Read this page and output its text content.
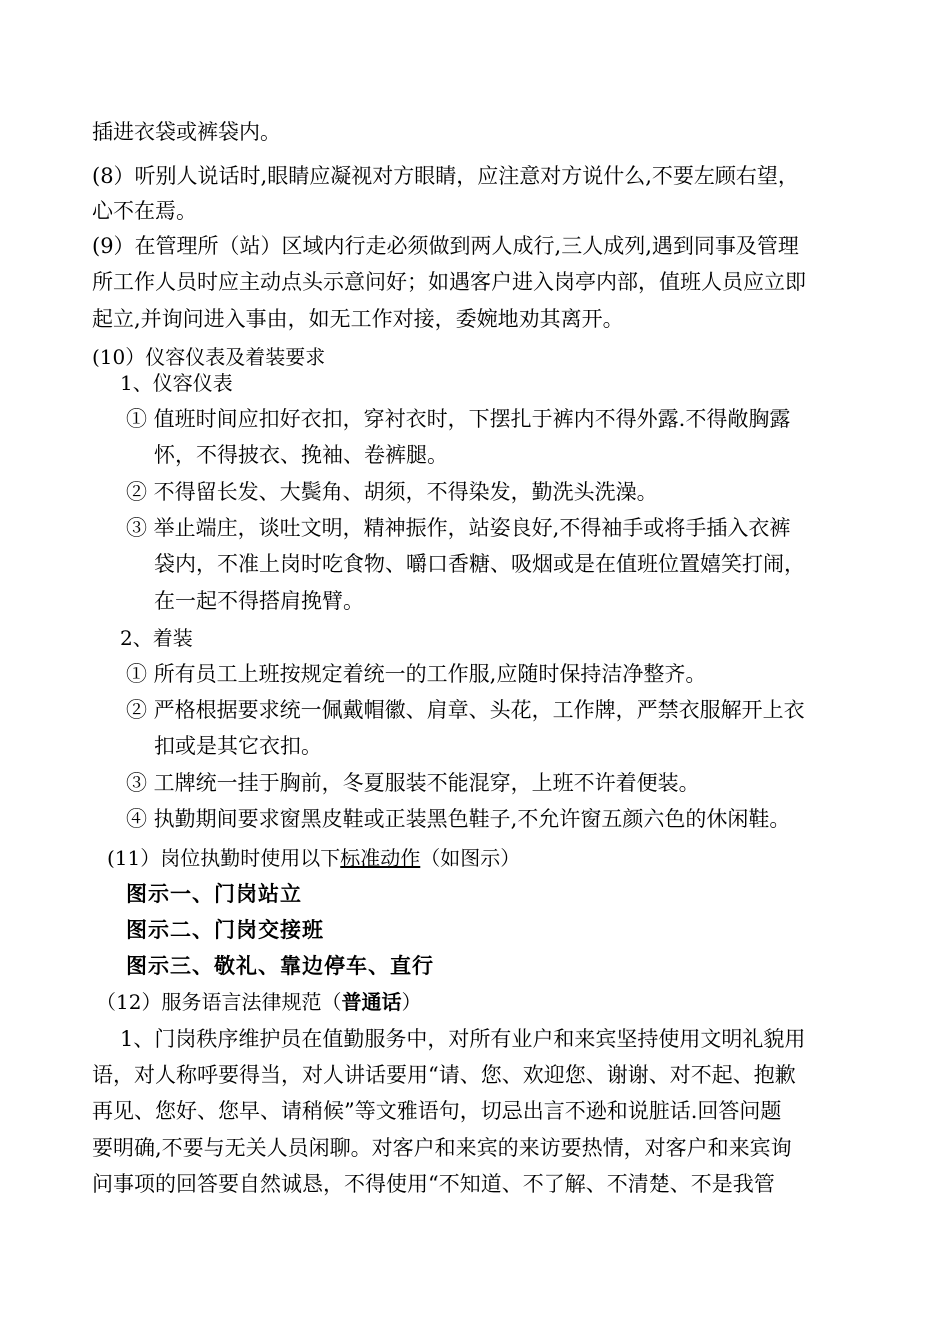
插进衣袋或裤袋内。
(8）听别人说话时,眼睛应凝视对方眼睛，应注意对方说什么,不要左顾右望，
心不在焉。
(9）在管理所（站）区域内行走必须做到两人成行,三人成列,遇到同事及管理
所工作人员时应主动点头示意问好；如遇客户进入岗亭内部，值班人员应立即
起立,并询问进入事由，如无工作对接，委婉地劝其离开。
(10）仪容仪表及着装要求
1、仪容仪表
① 值班时间应扣好衣扣，穿衬衣时，下摆扎于裤内不得外露.不得敞胸露
怀，不得披衣、挽袖、卷裤腿。
② 不得留长发、大鬓角、胡须，不得染发，勤洗头洗澡。
③ 举止端庄，谈吐文明，精神振作，站姿良好,不得袖手或将手插入衣裤
袋内，不准上岗时吃食物、嚼口香糖、吸烟或是在值班位置嬉笑打闹，
在一起不得搭肩挽臂。
2、着装
① 所有员工上班按规定着统一的工作服,应随时保持洁净整齐。
② 严格根据要求统一佩戴帽徽、肩章、头花，工作牌，严禁衣服解开上衣
扣或是其它衣扣。
③ 工牌统一挂于胸前，冬夏服装不能混穿，上班不许着便装。
④ 执勤期间要求窗黑皮鞋或正装黑色鞋子,不允许窗五颜六色的休闲鞋。
(11）岗位执勤时使用以下标准动作（如图示）
图示一、门岗站立
图示二、门岗交接班
图示三、敬礼、靠边停车、直行
（12）服务语言法律规范（普通话）
1、门岗秩序维护员在值勤服务中，对所有业户和来宾坚持使用文明礼貌用
语，对人称呼要得当，对人讲话要用“请、您、欢迎您、谢谢、对不起、抱歉
再见、您好、您早、请稍候”等文雅语句，切忌出言不逊和说脏话.回答问题
要明确,不要与无关人员闲聊。对客户和来宾的来访要热情，对客户和来宾询
问事项的回答要自然诚恳，不得使用“不知道、不了解、不清楚、不是我管
